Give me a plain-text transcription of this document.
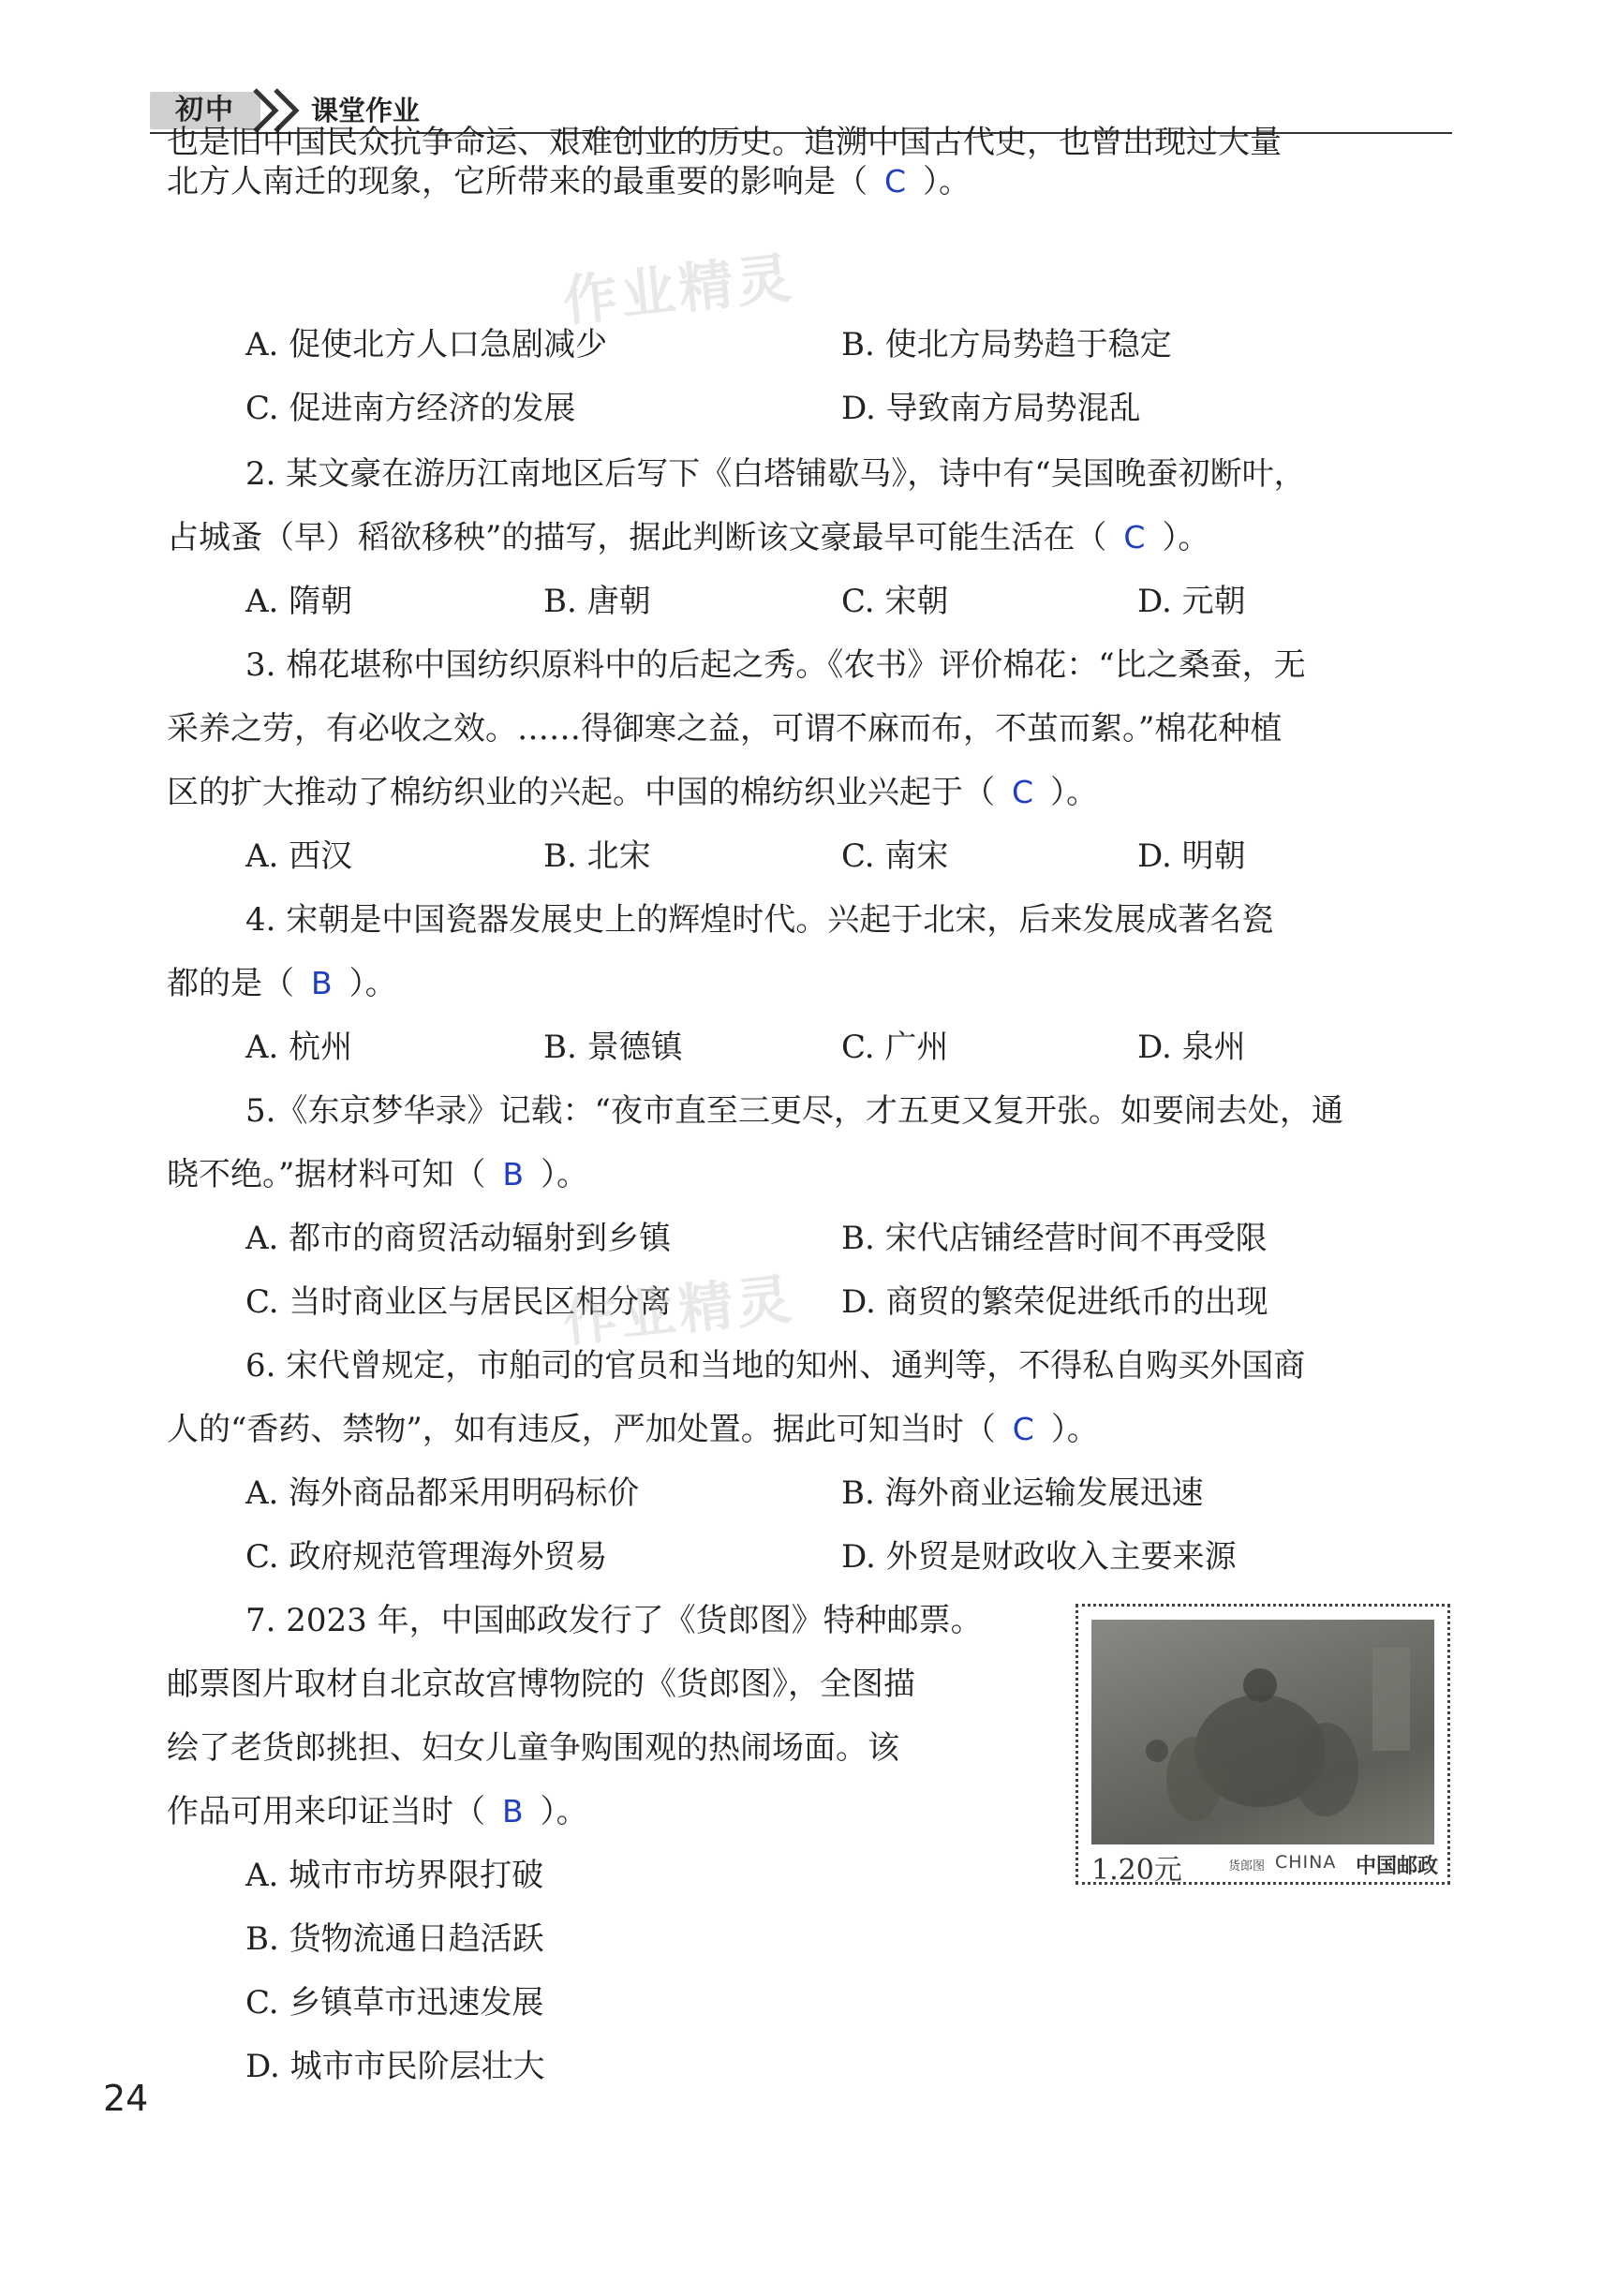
初中	课堂作业
也是旧中国民众抗争命运、艰难创业的历史。追溯中国古代史，也曾出现过大量
北方人南迁的现象，它所带来的最重要的影响是（ C ）。
A. 促使北方人口急剧减少	B. 使北方局势趋于稳定
C. 促进南方经济的发展	D. 导致南方局势混乱
2. 某文豪在游历江南地区后写下《白塔铺歇马》，诗中有“吴国晚蚕初断叶，
占城蚤（早）稻欲移秧”的描写，据此判断该文豪最早可能生活在（ C ）。
A. 隋朝	B. 唐朝	C. 宋朝	D. 元朝
3. 棉花堪称中国纺织原料中的后起之秀。《农书》评价棉花：“比之桑蚕，无
采养之劳，有必收之效。……得御寒之益，可谓不麻而布，不茧而絮。”棉花种植
区的扩大推动了棉纺织业的兴起。中国的棉纺织业兴起于（ C ）。
A. 西汉	B. 北宋	C. 南宋	D. 明朝
4. 宋朝是中国瓷器发展史上的辉煌时代。兴起于北宋，后来发展成著名瓷
都的是（ B ）。
A. 杭州	B. 景德镇	C. 广州	D. 泉州
5.《东京梦华录》记载：“夜市直至三更尽，才五更又复开张。如要闹去处，通
晓不绝。”据材料可知（ B ）。
A. 都市的商贸活动辐射到乡镇	B. 宋代店铺经营时间不再受限
C. 当时商业区与居民区相分离	D. 商贸的繁荣促进纸币的出现
6. 宋代曾规定，市舶司的官员和当地的知州、通判等，不得私自购买外国商
人的“香药、禁物”，如有违反，严加处置。据此可知当时（ C ）。
A. 海外商品都采用明码标价	B. 海外商业运输发展迅速
C. 政府规范管理海外贸易	D. 外贸是财政收入主要来源
7. 2023 年，中国邮政发行了《货郎图》特种邮票。
邮票图片取材自北京故宫博物院的《货郎图》，全图描
绘了老货郎挑担、妇女儿童争购围观的热闹场面。该
作品可用来印证当时（ B ）。
A. 城市市坊界限打破
B. 货物流通日趋活跃
C. 乡镇草市迅速发展
D. 城市市民阶层壮大
1.20元	货郎图 CHINA 中国邮政
作业精灵
作业精灵
24
